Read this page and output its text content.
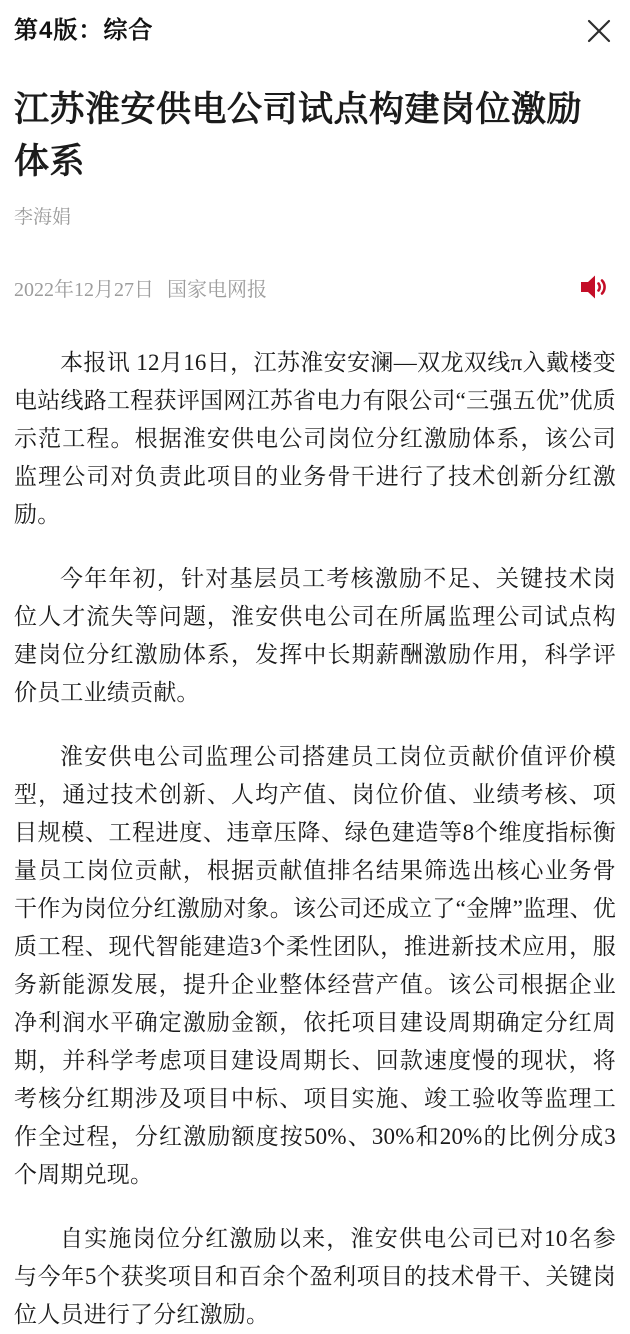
第4版：综合
江苏淮安供电公司试点构建岗位激励体系
李海娟
2022年12月27日 国家电网报

本报讯 12月16日，江苏淮安安澜—双龙双线π入戴楼变电站线路工程获评国网江苏省电力有限公司“三强五优”优质示范工程。根据淮安供电公司岗位分红激励体系，该公司监理公司对负责此项目的业务骨干进行了技术创新分红激励。

今年年初，针对基层员工考核激励不足、关键技术岗位人才流失等问题，淮安供电公司在所属监理公司试点构建岗位分红激励体系，发挥中长期薪酬激励作用，科学评价员工业绩贡献。

淮安供电公司监理公司搭建员工岗位贡献价值评价模型，通过技术创新、人均产值、岗位价值、业绩考核、项目规模、工程进度、违章压降、绿色建造等8个维度指标衡量员工岗位贡献，根据贡献值排名结果筛选出核心业务骨干作为岗位分红激励对象。该公司还成立了“金牌”监理、优质工程、现代智能建造3个柔性团队，推进新技术应用，服务新能源发展，提升企业整体经营产值。该公司根据企业净利润水平确定激励金额，依托项目建设周期确定分红周期，并科学考虑项目建设周期长、回款速度慢的现状，将考核分红期涉及项目中标、项目实施、竣工验收等监理工作全过程，分红激励额度按50%、30%和20%的比例分成3个周期兑现。

自实施岗位分红激励以来，淮安供电公司已对10名参与今年5个获奖项目和百余个盈利项目的技术骨干、关键岗位人员进行了分红激励。
